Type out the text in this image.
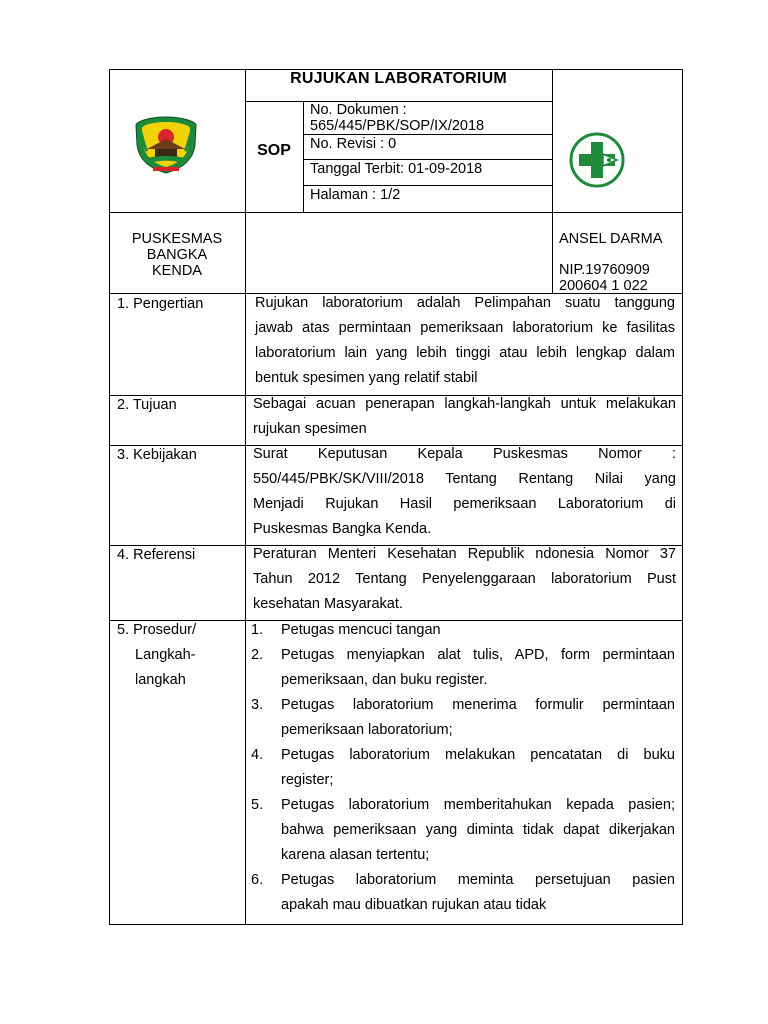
RUJUKAN LABORATORIUM
SOP
No. Dokumen :
565/445/PBK/SOP/IX/2018
No. Revisi : 0
Tanggal Terbit: 01-09-2018
Halaman : 1/2
PUSKESMAS
BANGKA
KENDA
ANSEL DARMA
NIP.19760909
200604 1 022
1. Pengertian	Rujukan laboratorium adalah Pelimpahan suatu tanggung
jawab atas permintaan pemeriksaan laboratorium ke fasilitas
laboratorium lain yang lebih tinggi atau lebih lengkap dalam
bentuk spesimen yang relatif stabil
2. Tujuan	Sebagai acuan penerapan langkah-langkah untuk melakukan
rujukan spesimen
3. Kebijakan	Surat Keputusan Kepala Puskesmas Nomor :
550/445/PBK/SK/VIII/2018 Tentang Rentang Nilai yang
Menjadi Rujukan Hasil pemeriksaan Laboratorium di
Puskesmas Bangka Kenda.
4. Referensi	Peraturan Menteri Kesehatan Republik ndonesia Nomor 37
Tahun 2012 Tentang Penyelenggaraan laboratorium Pust
kesehatan Masyarakat.
5. Prosedur/
Langkah-
langkah
1.	Petugas mencuci tangan
2.	Petugas menyiapkan alat tulis, APD, form permintaan
pemeriksaan, dan buku register.
3.	Petugas laboratorium menerima formulir permintaan
pemeriksaan laboratorium;
4.	Petugas laboratorium melakukan pencatatan di buku
register;
5.	Petugas laboratorium memberitahukan kepada pasien;
bahwa pemeriksaan yang diminta tidak dapat dikerjakan
karena alasan tertentu;
6.	Petugas laboratorium meminta persetujuan pasien
apakah mau dibuatkan rujukan atau tidak
